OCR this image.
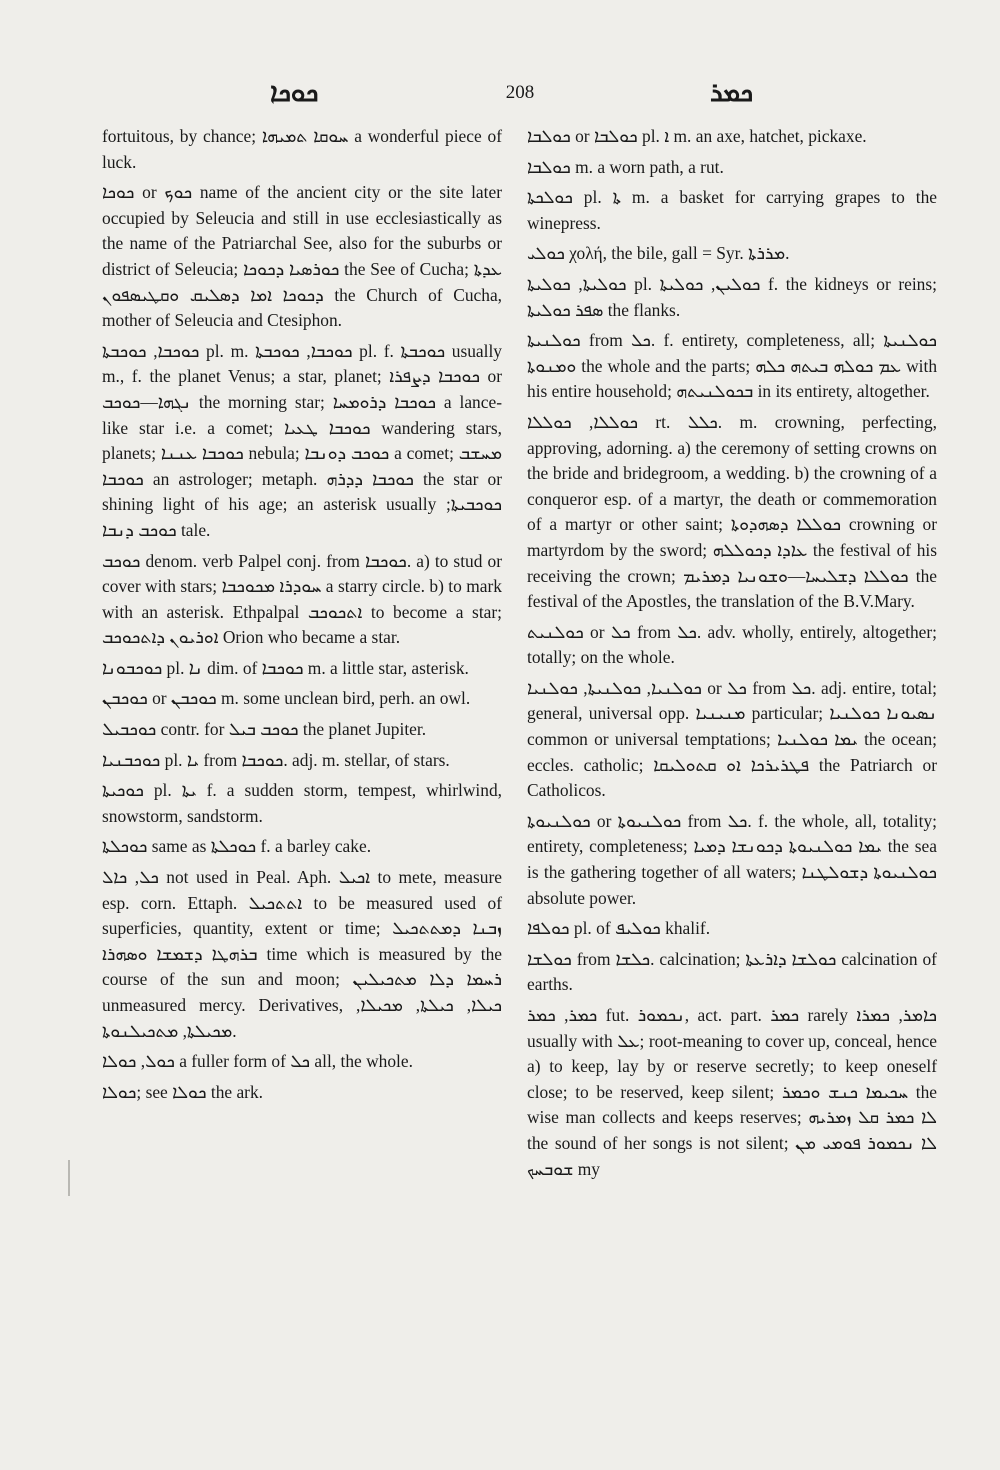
ܟܘܟܐ	208	ܟܡܪ

fortuitous, by chance; ܚܘܩܐ ܬܡܝܗܐ a wonderful piece of luck.

ܟܘܟܐ or ܟܘܟ name of the ancient city or the site later occupied by Seleucia and still in use ecclesiastically as the name of the Patriarchal See, also for the suburbs or district of Seleucia; ܟܘܪܣܝܐ ܕܟܘܟܐ the See of Cucha; ܥܕܬܐ ܕܟܘܟܐ ܐܡܐ ܕܣܠܝܩ ܘܩܛܝܣܦܘܢ the Church of Cucha, mother of Seleucia and Ctesiphon.

ܟܘܟܒܐ, ܟܘܟܒܬܐ pl. m. ܟܘܟܒܐ, ܟܘܟܒܬܐ pl. f. ܟܘܟܒܬܐ usually m., f. the planet Venus; a star, planet; ܟܘܟܒܐ ܕܨܦܪܐ or ܢܓܗܐ—ܟܘܟܒ the morning star; ܟܘܟܒܐ ܕܪܘܡܚܐ a lance-like star i.e. a comet; ܟܘܟܒܐ ܛܥܝܐ wandering stars, planets; ܟܘܟܒܐ ܥܢܢܐ nebula; ܟܘܟܒ ܕܘܢܒܐ a comet; ܡܚܫܒ ܟܘܟܒܐ an astrologer; metaph. ܟܘܟܒܐ ܕܕܪܗ the star or shining light of his age; an asterisk usually ܟܘܟܒܝܬܐ; ܟܘܟܒ ܕܢܒܐ tale.

ܟܘܟܒ denom. verb Palpel conj. from ܟܘܟܒܐ. a) to stud or cover with stars; ܚܘܕܪܐ ܡܟܘܟܒܐ a starry circle. b) to mark with an asterisk. Ethpalpal ܐܬܟܘܟܒ to become a star; ܐܘܪܝܘܢ ܕܐܬܟܘܟܒ Orion who became a star.

ܟܘܟܒܘܢܐ pl. ܢܐ dim. of ܟܘܟܒܐ m. a little star, asterisk.

ܟܘܟܒܢ or ܟܘܟܒܢ m. some unclean bird, perh. an owl.

ܟܘܟܒܝܠ contr. for ܟܘܟܒ ܒܝܠ the planet Jupiter.

ܟܘܟܒܢܝܐ pl. ܝܐ from ܟܘܟܒܐ. adj. m. stellar, of stars.

ܟܘܟܝܬܐ pl. ܝܬܐ f. a sudden storm, tempest, whirlwind, snowstorm, sandstorm.

ܟܘܟܠܬܐ same as ܟܘܟܠܬܐ f. a barley cake.

ܟܠ, ܟܐܠ not used in Peal. Aph. ܐܟܝܠ to mete, measure esp. corn. Ettaph. ܐܬܬܟܝܠ to be measured used of superficies, quantity, extent or time; ܙܒܢܐ ܕܡܬܬܟܝܠ ܒܪܗܛܐ ܕܫܡܫܐ ܘܣܗܪܐ time which is measured by the course of the sun and moon; ܪܚܡܐ ܕܠܐ ܡܬܟܝܠܝܢ unmeasured mercy. Derivatives, ܟܝܠܐ, ܟܝܠܬܐ, ܡܟܝܠܐ, ܡܟܝܠܬܐ, ܡܬܟܝܠܢܘܬܐ.

ܟܘܠ, ܟܘܠܐ a fuller form of ܟܠ all, the whole.

ܟܘܠܐ; see ܟܘܠܐ the ark.

ܟܘܠܒܐ or ܟܘܠܒܐ pl. ܐ m. an axe, hatchet, pickaxe.

ܟܘܠܒܐ m. a worn path, a rut.

ܟܘܠܟܬܐ pl. ܬܐ m. a basket for carrying grapes to the winepress.

ܟܘܠܝ χολή, the bile, gall = Syr. ܡܪܪܬܐ.

ܟܘܠܝܬܐ, ܟܘܠܝܬܐ pl. ܟܘܠܝܢ, ܟܘܠܝܬܐ f. the kidneys or reins; ܣܦܪ ܟܘܠܝܬܐ the flanks.

ܟܘܠܢܝܬܐ from ܟܠ. f. entirety, completeness, all; ܟܘܠܢܝܬܐ ܘܡܢܘܬܐ the whole and the parts; ܥܡ ܟܘܠܗ ܒܝܬܗ ܟܠܗ with his entire household; ܒܟܘܠܢܝܬܗ in its entirety, altogether.

ܟܘܠܠܐ, ܟܘܠܠܐ rt. ܟܠܠ. m. crowning, perfecting, approving, adorning. a) the ceremony of setting crowns on the bride and bridegroom, a wedding. b) the crowning of a conqueror esp. of a martyr, the death or commemoration of a martyr or other saint; ܟܘܠܠܐ ܕܣܗܕܘܬܐ crowning or martyrdom by the sword; ܥܐܕܐ ܕܟܘܠܠܗ the festival of his receiving the crown; ܟܘܠܠܐ ܕܫܠܝܚܐ—ܘܫܘܢܝܐ ܕܡܪܝܡ the festival of the Apostles, the translation of the B.V.Mary.

ܟܘܠܢܝܬ or ܟܠ from ܟܠ. adv. wholly, entirely, altogether; totally; on the whole.

ܟܘܠܢܝܐ, ܟܘܠܢܝܬܐ, ܟܘܠܢܝܐ or ܟܠ from ܟܠ. adj. entire, total; general, universal opp. ܡܢܝܢܝܐ particular; ܢܣܝܘܢܐ ܟܘܠܢܝܐ common or universal temptations; ܝܡܐ ܟܘܠܢܝܐ the ocean; eccles. catholic; ܦܛܪܝܪܟܐ ܐܘ ܩܬܘܠܝܩܐ the Patriarch or Catholicos.

ܟܘܠܢܝܘܬܐ or ܟܘܠܢܝܘܬܐ from ܟܠ. f. the whole, all, totality; entirety, completeness; ܝܡܐ ܟܘܠܢܝܘܬܐ ܕܟܘܢܫܐ ܕܡܝܐ the sea is the gathering together of all waters; ܟܘܠܢܝܘܬܐ ܕܫܘܠܛܢܐ absolute power.

ܟܘܠܦܐ pl. of ܟܘܠܝܦ khalif.

ܟܘܠܫܐ from ܟܠܫܐ. calcination; ܟܘܠܫܐ ܕܐܪܥܬܐ calcination of earths.

ܟܡܪ, ܟܡܪ fut. ܢܟܡܘܪ, act. part. ܟܡܪ rarely ܟܐܡܪ, ܟܡܪܐ usually with ܥܠ; root-meaning to cover up, conceal, hence a) to keep, lay by or reserve secretly; to keep oneself close; to be reserved, keep silent; ܚܟܝܡܐ ܟܢܫ ܘܟܡܪ the wise man collects and keeps reserves; ܠܐ ܟܡܪ ܩܠ ܙܡܪܝܗ the sound of her songs is not silent; ܠܐ ܢܟܡܘܪ ܦܘܡܝ ܡܢ ܫܘܒܚܟ my
